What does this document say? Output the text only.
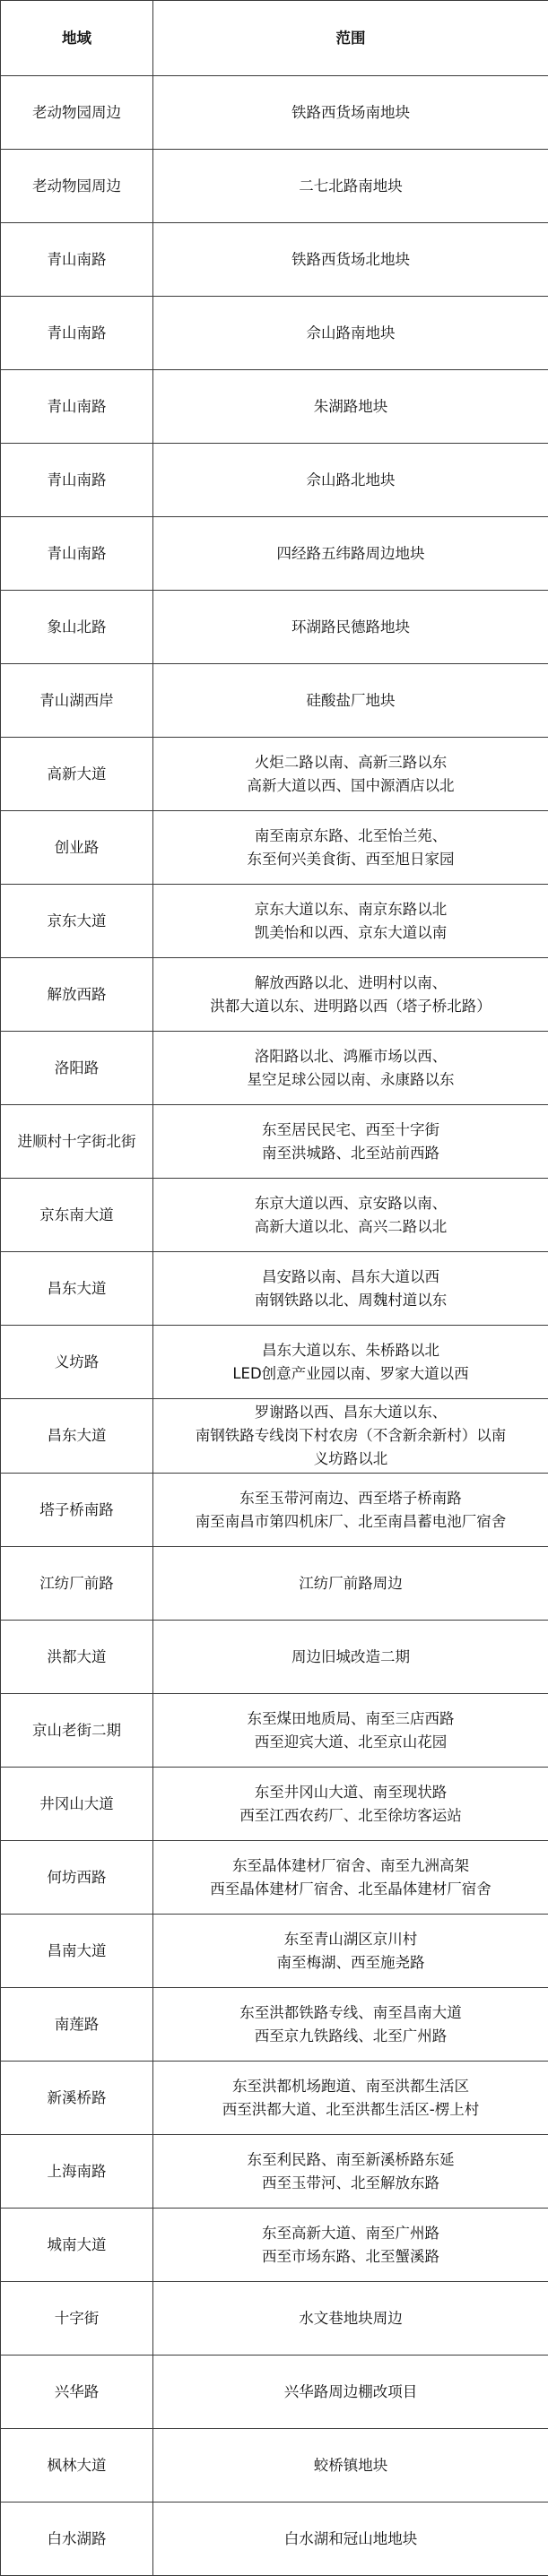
地域	范围
老动物园周边	铁路西货场南地块

老动物园周边	二七北路南地块

青山南路	铁路西货场北地块

青山南路	佘山路南地块

青山南路	朱湖路地块

青山南路	佘山路北地块

青山南路	四经路五纬路周边地块

象山北路	环湖路民德路地块

青山湖西岸	硅酸盐厂地块

高新大道	火炬二路以南、高新三路以东
高新大道以西、国中源酒店以北

创业路	南至南京东路、北至怡兰苑、
东至何兴美食街、西至旭日家园

京东大道	京东大道以东、南京东路以北
凯美怡和以西、京东大道以南

解放西路	解放西路以北、进明村以南、
洪都大道以东、进明路以西（塔子桥北路）

洛阳路	洛阳路以北、鸿雁市场以西、
星空足球公园以南、永康路以东

进顺村十字街北街	东至居民民宅、西至十字街
南至洪城路、北至站前西路

京东南大道	东京大道以西、京安路以南、
高新大道以北、高兴二路以北

昌东大道	昌安路以南、昌东大道以西
南钢铁路以北、周魏村道以东

义坊路	昌东大道以东、朱桥路以北
LED创意产业园以南、罗家大道以西

昌东大道	罗谢路以西、昌东大道以东、
南钢铁路专线岗下村农房（不含新余新村）以南
义坊路以北

塔子桥南路	东至玉带河南边、西至塔子桥南路
南至南昌市第四机床厂、北至南昌蓄电池厂宿舍

江纺厂前路	江纺厂前路周边

洪都大道	周边旧城改造二期

京山老街二期	东至煤田地质局、南至三店西路
西至迎宾大道、北至京山花园

井冈山大道	东至井冈山大道、南至现状路
西至江西农药厂、北至徐坊客运站

何坊西路	东至晶体建材厂宿舍、南至九洲高架
西至晶体建材厂宿舍、北至晶体建材厂宿舍

昌南大道	东至青山湖区京川村
南至梅湖、西至施尧路

南莲路	东至洪都铁路专线、南至昌南大道
西至京九铁路线、北至广州路

新溪桥路	东至洪都机场跑道、南至洪都生活区
西至洪都大道、北至洪都生活区-楞上村

上海南路	东至利民路、南至新溪桥路东延
西至玉带河、北至解放东路

城南大道	东至高新大道、南至广州路
西至市场东路、北至蟹溪路

十字街	水文巷地块周边

兴华路	兴华路周边棚改项目

枫林大道	蛟桥镇地块

白水湖路	白水湖和冠山地地块
